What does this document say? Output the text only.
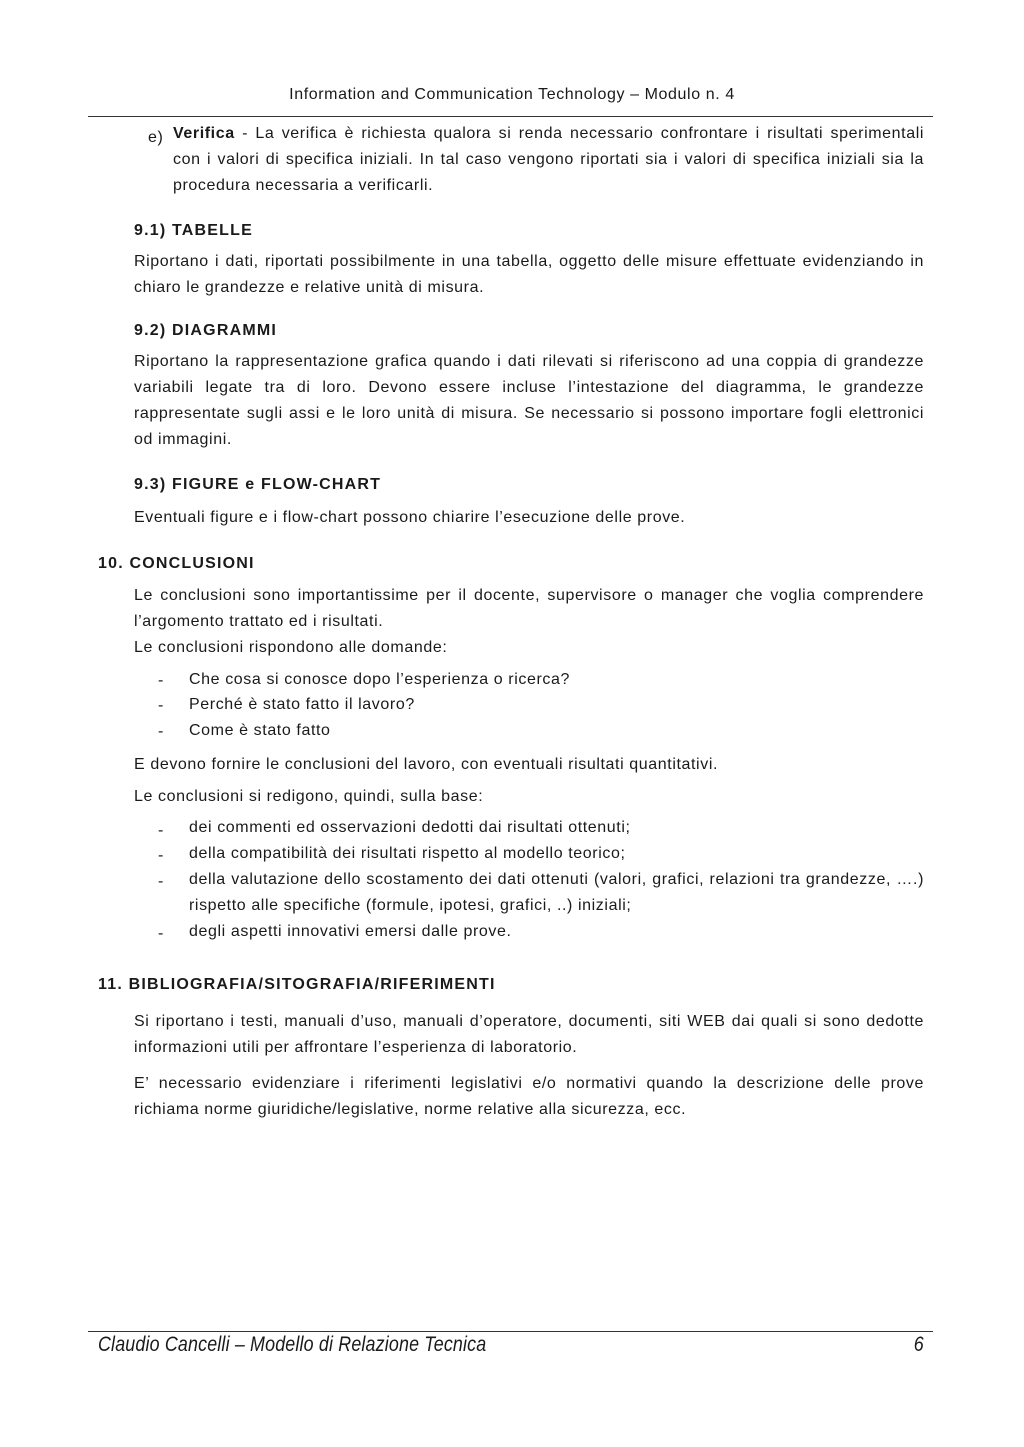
Information and Communication Technology – Modulo n. 4
e) Verifica - La verifica è richiesta qualora si renda necessario confrontare i risultati sperimentali con i valori di specifica iniziali. In tal caso vengono riportati sia i valori di specifica iniziali sia la procedura necessaria a verificarli.
9.1) TABELLE
Riportano i dati, riportati possibilmente in una tabella, oggetto delle misure effettuate evidenziando in chiaro le grandezze e relative unità di misura.
9.2) DIAGRAMMI
Riportano la rappresentazione grafica quando i dati rilevati si riferiscono ad una coppia di grandezze variabili legate tra di loro. Devono essere incluse l’intestazione del diagramma, le grandezze rappresentate sugli assi e le loro unità di misura. Se necessario si possono importare fogli elettronici od immagini.
9.3) FIGURE e FLOW-CHART
Eventuali figure e i flow-chart possono chiarire l’esecuzione delle prove.
10. CONCLUSIONI
Le conclusioni sono importantissime per il docente, supervisore o manager che voglia comprendere l’argomento trattato ed i risultati.
Le conclusioni rispondono alle domande:
- Che cosa si conosce dopo l’esperienza o ricerca?
- Perché è stato fatto il lavoro?
- Come è stato fatto
E devono fornire le conclusioni del lavoro, con eventuali risultati quantitativi.
Le conclusioni si redigono, quindi, sulla base:
- dei commenti ed osservazioni dedotti dai risultati ottenuti;
- della compatibilità dei risultati rispetto al modello teorico;
- della valutazione dello scostamento dei dati ottenuti (valori, grafici, relazioni tra grandezze, ….) rispetto alle specifiche (formule, ipotesi, grafici, ..) iniziali;
- degli aspetti innovativi emersi dalle prove.
11. BIBLIOGRAFIA/SITOGRAFIA/RIFERIMENTI
Si riportano i testi, manuali d’uso, manuali d’operatore, documenti, siti WEB dai quali si sono dedotte informazioni utili per affrontare l’esperienza di laboratorio.
E’ necessario evidenziare i riferimenti legislativi e/o normativi quando la descrizione delle prove richiama norme giuridiche/legislative, norme relative alla sicurezza, ecc.
Claudio Cancelli – Modello di Relazione Tecnica	6
